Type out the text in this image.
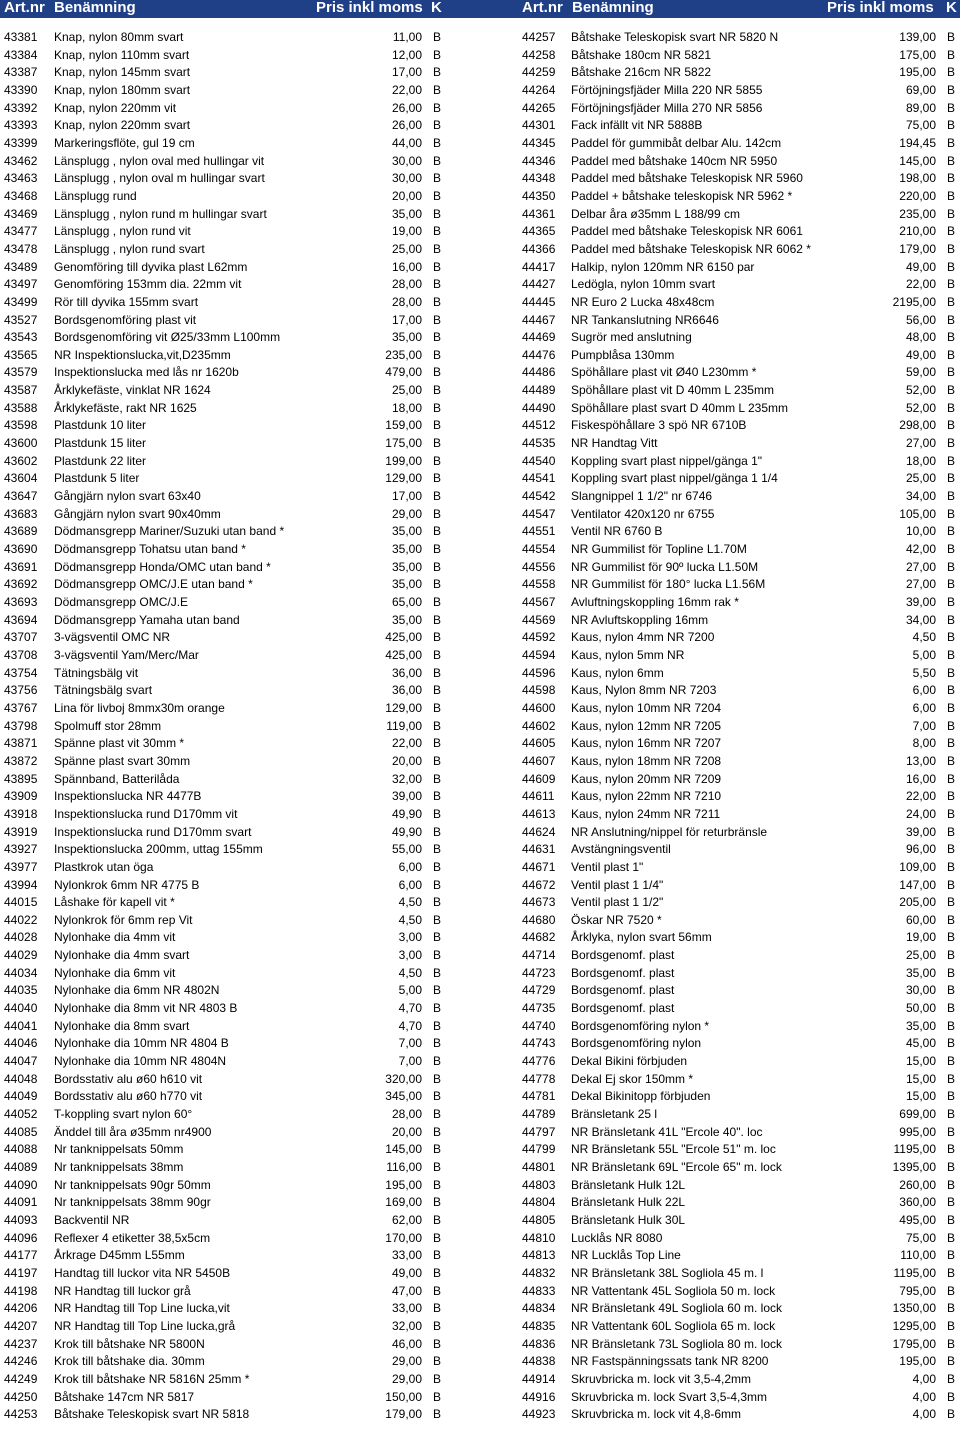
Art.nr Benämning	Pris inkl moms K
43381	Knap, nylon 80mm svart	11,00 B
43384	Knap, nylon 110mm svart	12,00 B
43387	Knap, nylon 145mm svart	17,00 B
43390	Knap, nylon 180mm svart	22,00 B
43392	Knap, nylon 220mm vit	26,00 B
43393	Knap, nylon 220mm svart	26,00 B
43399	Markeringsflöte, gul 19 cm	44,00 B
43462	Länsplugg , nylon oval med hullingar vit	30,00 B
43463	Länsplugg , nylon oval m hullingar svart	30,00 B
43468	Länsplugg rund	20,00 B
43469	Länsplugg , nylon rund m hullingar svart	35,00 B
43477	Länsplugg , nylon rund vit	19,00 B
43478	Länsplugg , nylon rund svart	25,00 B
43489	Genomföring till dyvika plast L62mm	16,00 B
43497	Genomföring 153mm dia. 22mm vit	28,00 B
43499	Rör till dyvika 155mm svart	28,00 B
43527	Bordsgenomföring plast vit	17,00 B
43543	Bordsgenomföring vit Ø25/33mm L100mm	35,00 B
43565	NR Inspektionslucka,vit,D235mm	235,00 B
43579	Inspektionslucka med lås nr 1620b	479,00 B
43587	Årklykefäste, vinklat NR 1624	25,00 B
43588	Årklykefäste, rakt NR 1625	18,00 B
43598	Plastdunk 10 liter	159,00 B
43600	Plastdunk 15 liter	175,00 B
43602	Plastdunk 22 liter	199,00 B
43604	Plastdunk 5 liter	129,00 B
43647	Gångjärn nylon svart 63x40	17,00 B
43683	Gångjärn nylon svart 90x40mm	29,00 B
43689	Dödmansgrepp Mariner/Suzuki utan band *	35,00 B
43690	Dödmansgrepp Tohatsu utan band *	35,00 B
43691	Dödmansgrepp Honda/OMC utan band *	35,00 B
43692	Dödmansgrepp OMC/J.E utan band *	35,00 B
43693	Dödmansgrepp OMC/J.E	65,00 B
43694	Dödmansgrepp Yamaha utan band	35,00 B
43707	3-vägsventil OMC NR	425,00 B
43708	3-vägsventil Yam/Merc/Mar	425,00 B
43754	Tätningsbälg vit	36,00 B
43756	Tätningsbälg svart	36,00 B
43767	Lina för livboj 8mmx30m orange	129,00 B
43798	Spolmuff stor 28mm	119,00 B
43871	Spänne plast vit 30mm *	22,00 B
43872	Spänne plast svart 30mm	20,00 B
43895	Spännband, Batterilåda	32,00 B
43909	Inspektionslucka NR 4477B	39,00 B
43918	Inspektionslucka rund D170mm vit	49,90 B
43919	Inspektionslucka rund D170mm svart	49,90 B
43927	Inspektionslucka 200mm, uttag 155mm	55,00 B
43977	Plastkrok utan öga	6,00 B
43994	Nylonkrok 6mm NR 4775 B	6,00 B
44015	Låshake för kapell vit *	4,50 B
44022	Nylonkrok för 6mm rep Vit	4,50 B
44028	Nylonhake dia 4mm vit	3,00 B
44029	Nylonhake dia 4mm svart	3,00 B
44034	Nylonhake dia 6mm vit	4,50 B
44035	Nylonhake dia 6mm NR 4802N	5,00 B
44040	Nylonhake dia 8mm vit NR 4803 B	4,70 B
44041	Nylonhake dia 8mm svart	4,70 B
44046	Nylonhake dia 10mm NR 4804 B	7,00 B
44047	Nylonhake dia 10mm NR 4804N	7,00 B
44048	Bordsstativ alu ø60 h610 vit	320,00 B
44049	Bordsstativ alu ø60 h770 vit	345,00 B
44052	T-koppling svart nylon 60°	28,00 B
44085	Änddel till åra ø35mm nr4900	20,00 B
44088	Nr tanknippelsats 50mm	145,00 B
44089	Nr tanknippelsats 38mm	116,00 B
44090	Nr tanknippelsats 90gr 50mm	195,00 B
44091	Nr tanknippelsats 38mm 90gr	169,00 B
44093	Backventil NR	62,00 B
44096	Reflexer 4 etiketter 38,5x5cm	170,00 B
44177	Årkrage D45mm L55mm	33,00 B
44197	Handtag till luckor vita NR 5450B	49,00 B
44198	NR Handtag till luckor grå	47,00 B
44206	NR Handtag till Top Line lucka,vit	33,00 B
44207	NR Handtag till Top Line lucka,grå	32,00 B
44237	Krok till båtshake NR 5800N	46,00 B
44246	Krok till båtshake dia. 30mm	29,00 B
44249	Krok till båtshake NR 5816N 25mm *	29,00 B
44250	Båtshake 147cm NR 5817	150,00 B
44253	Båtshake Teleskopisk svart NR 5818	179,00 B
Art.nr Benämning	Pris inkl moms K
44257	Båtshake Teleskopisk svart NR 5820 N	139,00 B
44258	Båtshake 180cm NR 5821	175,00 B
44259	Båtshake 216cm NR 5822	195,00 B
44264	Förtöjningsfjäder Milla 220 NR 5855	69,00 B
44265	Förtöjningsfjäder Milla 270 NR 5856	89,00 B
44301	Fack infällt vit NR 5888B	75,00 B
44345	Paddel för gummibåt delbar Alu. 142cm	194,45 B
44346	Paddel med båtshake 140cm NR 5950	145,00 B
44348	Paddel med båtshake Teleskopisk NR 5960	198,00 B
44350	Paddel + båtshake teleskopisk NR 5962 *	220,00 B
44361	Delbar åra ø35mm L 188/99 cm	235,00 B
44365	Paddel med båtshake Teleskopisk NR 6061	210,00 B
44366	Paddel med båtshake Teleskopisk NR 6062 *	179,00 B
44417	Halkip, nylon 120mm NR 6150 par	49,00 B
44427	Ledögla, nylon 10mm svart	22,00 B
44445	NR Euro 2 Lucka 48x48cm	2195,00 B
44467	NR Tankanslutning NR6646	56,00 B
44469	Sugrör med anslutning	48,00 B
44476	Pumpblåsa 130mm	49,00 B
44486	Spöhållare plast vit Ø40 L230mm *	59,00 B
44489	Spöhållare plast vit D 40mm L 235mm	52,00 B
44490	Spöhållare plast svart D 40mm L 235mm	52,00 B
44512	Fiskespöhållare 3 spö NR 6710B	298,00 B
44535	NR Handtag Vitt	27,00 B
44540	Koppling svart plast nippel/gänga 1"	18,00 B
44541	Koppling svart plast nippel/gänga 1 1/4	25,00 B
44542	Slangnippel 1 1/2" nr 6746	34,00 B
44547	Ventilator 420x120 nr 6755	105,00 B
44551	Ventil NR 6760 B	10,00 B
44554	NR Gummilist för Topline L1.70M	42,00 B
44556	NR Gummilist för 90º lucka L1.50M	27,00 B
44558	NR Gummilist för 180° lucka L1.56M	27,00 B
44567	Avluftningskoppling 16mm rak *	39,00 B
44569	NR Avluftskoppling 16mm	34,00 B
44592	Kaus, nylon 4mm NR 7200	4,50 B
44594	Kaus, nylon 5mm NR	5,00 B
44596	Kaus, nylon 6mm	5,50 B
44598	Kaus, Nylon 8mm NR 7203	6,00 B
44600	Kaus, nylon 10mm NR 7204	6,00 B
44602	Kaus, nylon 12mm NR 7205	7,00 B
44605	Kaus, nylon 16mm NR 7207	8,00 B
44607	Kaus, nylon 18mm NR 7208	13,00 B
44609	Kaus, nylon 20mm NR 7209	16,00 B
44611	Kaus, nylon 22mm NR 7210	22,00 B
44613	Kaus, nylon 24mm NR 7211	24,00 B
44624	NR Anslutning/nippel för returbränsle	39,00 B
44631	Avstängningsventil	96,00 B
44671	Ventil plast 1"	109,00 B
44672	Ventil plast 1 1/4"	147,00 B
44673	Ventil plast 1 1/2"	205,00 B
44680	Öskar NR 7520 *	60,00 B
44682	Årklyka, nylon svart 56mm	19,00 B
44714	Bordsgenomf. plast	25,00 B
44723	Bordsgenomf. plast	35,00 B
44729	Bordsgenomf. plast	30,00 B
44735	Bordsgenomf. plast	50,00 B
44740	Bordsgenomföring nylon *	35,00 B
44743	Bordsgenomföring nylon	45,00 B
44776	Dekal Bikini förbjuden	15,00 B
44778	Dekal Ej skor 150mm *	15,00 B
44781	Dekal Bikinitopp förbjuden	15,00 B
44789	Bränsletank 25 l	699,00 B
44797	NR Bränsletank 41L "Ercole 40". loc	995,00 B
44799	NR Bränsletank 55L "Ercole 51" m. loc	1195,00 B
44801	NR Bränsletank 69L "Ercole 65" m. lock	1395,00 B
44803	Bränsletank Hulk 12L	260,00 B
44804	Bränsletank Hulk 22L	360,00 B
44805	Bränsletank Hulk 30L	495,00 B
44810	Lucklås NR 8080	75,00 B
44813	NR Lucklås Top Line	110,00 B
44832	NR Bränsletank 38L Sogliola 45 m. l	1195,00 B
44833	NR Vattentank 45L Sogliola 50 m. lock	795,00 B
44834	NR Bränsletank 49L Sogliola 60 m. lock	1350,00 B
44835	NR Vattentank 60L Sogliola 65 m. lock	1295,00 B
44836	NR Bränsletank 73L Sogliola 80 m. lock	1795,00 B
44838	NR Fastspänningssats tank NR 8200	195,00 B
44914	Skruvbricka m. lock vit 3,5-4,2mm	4,00 B
44916	Skruvbricka m. lock Svart 3,5-4,3mm	4,00 B
44923	Skruvbricka m. lock vit 4,8-6mm	4,00 B
